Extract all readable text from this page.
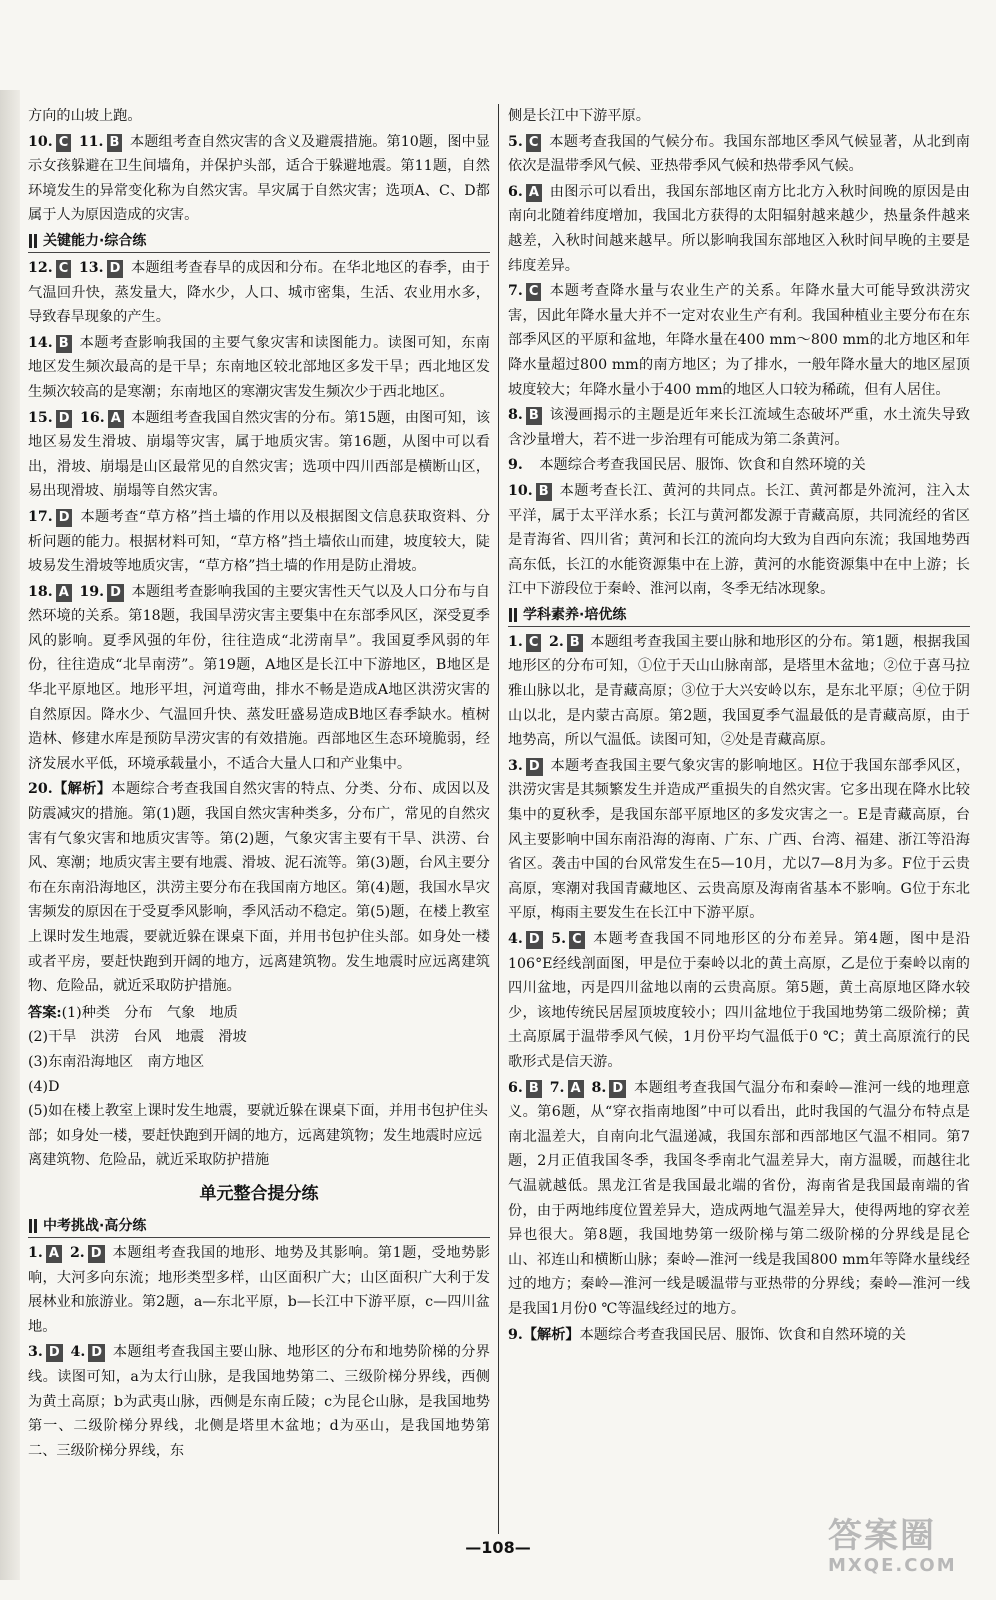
方向的山坡上跑。

10. C 11. B 本题组考查自然灾害的含义及避震措施。第10题，图中显示女孩躲避在卫生间墙角，并保护头部，适合于躲避地震。第11题，自然环境发生的异常变化称为自然灾害。旱灾属于自然灾害；选项A、C、D都属于人为原因造成的灾害。

关键能力·综合练

12. C 13. D 本题组考查春旱的成因和分布。在华北地区的春季，由于气温回升快，蒸发量大，降水少，人口、城市密集，生活、农业用水多，导致春旱现象的产生。

14. B 本题考查影响我国的主要气象灾害和读图能力。读图可知，东南地区发生频次最高的是干旱；东南地区较北部地区多发干旱；西北地区发生频次较高的是寒潮；东南地区的寒潮灾害发生频次少于西北地区。

15. D 16. A 本题组考查我国自然灾害的分布。第15题，由图可知，该地区易发生滑坡、崩塌等灾害，属于地质灾害。第16题，从图中可以看出，滑坡、崩塌是山区最常见的自然灾害；选项中四川西部是横断山区，易出现滑坡、崩塌等自然灾害。

17. D 本题考查“草方格”挡土墙的作用以及根据图文信息获取资料、分析问题的能力。根据材料可知，“草方格”挡土墙依山而建，坡度较大，陡坡易发生滑坡等地质灾害，“草方格”挡土墙的作用是防止滑坡。

18. A 19. D 本题组考查影响我国的主要灾害性天气以及人口分布与自然环境的关系。第18题，我国旱涝灾害主要集中在东部季风区，深受夏季风的影响。夏季风强的年份，往往造成“北涝南旱”。我国夏季风弱的年份，往往造成“北旱南涝”。第19题，A地区是长江中下游地区，B地区是华北平原地区。地形平坦，河道弯曲，排水不畅是造成A地区洪涝灾害的自然原因。降水少、气温回升快、蒸发旺盛易造成B地区春季缺水。植树造林、修建水库是预防旱涝灾害的有效措施。西部地区生态环境脆弱，经济发展水平低，环境承载量小，不适合大量人口和产业集中。

20.【解析】本题综合考查我国自然灾害的特点、分类、分布、成因以及防震减灾的措施。第(1)题，我国自然灾害种类多，分布广，常见的自然灾害有气象灾害和地质灾害等。第(2)题，气象灾害主要有干旱、洪涝、台风、寒潮；地质灾害主要有地震、滑坡、泥石流等。第(3)题，台风主要分布在东南沿海地区，洪涝主要分布在我国南方地区。第(4)题，我国水旱灾害频发的原因在于受夏季风影响，季风活动不稳定。第(5)题，在楼上教室上课时发生地震，要就近躲在课桌下面，并用书包护住头部。如身处一楼或者平房，要赶快跑到开阔的地方，远离建筑物。发生地震时应远离建筑物、危险品，就近采取防护措施。

答案:(1)种类　分布　气象　地质
(2)干旱　洪涝　台风　地震　滑坡
(3)东南沿海地区　南方地区
(4)D
(5)如在楼上教室上课时发生地震，要就近躲在课桌下面，并用书包护住头部；如身处一楼，要赶快跑到开阔的地方，远离建筑物；发生地震时应远离建筑物、危险品，就近采取防护措施
单元整合提分练
中考挑战·高分练

1. A 2. D 本题组考查我国的地形、地势及其影响。第1题，受地势影响，大河多向东流；地形类型多样，山区面积广大；山区面积广大利于发展林业和旅游业。第2题，a—东北平原，b—长江中下游平原，c—四川盆地。

3. D 4. D 本题组考查我国主要山脉、地形区的分布和地势阶梯的分界线。读图可知，a为太行山脉，是我国地势第二、三级阶梯分界线，西侧为黄土高原；b为武夷山脉，西侧是东南丘陵；c为昆仑山脉，是我国地势第一、二级阶梯分界线，北侧是塔里木盆地；d为巫山，是我国地势第二、三级阶梯分界线，东

侧是长江中下游平原。

5. C 本题考查我国的气候分布。我国东部地区季风气候显著，从北到南依次是温带季风气候、亚热带季风气候和热带季风气候。

6. A 由图示可以看出，我国东部地区南方比北方入秋时间晚的原因是由南向北随着纬度增加，我国北方获得的太阳辐射越来越少，热量条件越来越差，入秋时间越来越早。所以影响我国东部地区入秋时间早晚的主要是纬度差异。

7. C 本题考查降水量与农业生产的关系。年降水量大可能导致洪涝灾害，因此年降水量大并不一定对农业生产有利。我国种植业主要分布在东部季风区的平原和盆地，年降水量在400 mm～800 mm的北方地区和年降水量超过800 mm的南方地区；为了排水，一般年降水量大的地区屋顶坡度较大；年降水量小于400 mm的地区人口较为稀疏，但有人居住。

8. B 该漫画揭示的主题是近年来长江流域生态破坏严重，水土流失导致含沙量增大，若不进一步治理有可能成为第二条黄河。

9. 本题综合考查我国民居、服饰、饮食和自然环境的关

10. B 本题考查长江、黄河的共同点。长江、黄河都是外流河，注入太平洋，属于太平洋水系；长江与黄河都发源于青藏高原，共同流经的省区是青海省、四川省；黄河和长江的流向均大致为自西向东流；我国地势西高东低，长江的水能资源集中在上游，黄河的水能资源集中在中上游；长江中下游段位于秦岭、淮河以南，冬季无结冰现象。

学科素养·培优练

1. C 2. B 本题组考查我国主要山脉和地形区的分布。第1题，根据我国地形区的分布可知，①位于天山山脉南部，是塔里木盆地；②位于喜马拉雅山脉以北，是青藏高原；③位于大兴安岭以东，是东北平原；④位于阴山以北，是内蒙古高原。第2题，我国夏季气温最低的是青藏高原，由于地势高，所以气温低。读图可知，②处是青藏高原。

3. D 本题考查我国主要气象灾害的影响地区。H位于我国东部季风区，洪涝灾害是其频繁发生并造成严重损失的自然灾害。它多出现在降水比较集中的夏秋季，是我国东部平原地区的多发灾害之一。E是青藏高原，台风主要影响中国东南沿海的海南、广东、广西、台湾、福建、浙江等沿海省区。袭击中国的台风常发生在5—10月，尤以7—8月为多。F位于云贵高原，寒潮对我国青藏地区、云贵高原及海南省基本不影响。G位于东北平原，梅雨主要发生在长江中下游平原。

4. D 5. C 本题考查我国不同地形区的分布差异。第4题，图中是沿106°E经线剖面图，甲是位于秦岭以北的黄土高原，乙是位于秦岭以南的四川盆地，丙是四川盆地以南的云贵高原。第5题，黄土高原地区降水较少，该地传统民居屋顶坡度较小；四川盆地位于我国地势第二级阶梯；黄土高原属于温带季风气候，1月份平均气温低于0 ℃；黄土高原流行的民歌形式是信天游。

6. B 7. A 8. D 本题组考查我国气温分布和秦岭—淮河一线的地理意义。第6题，从“穿衣指南地图”中可以看出，此时我国的气温分布特点是南北温差大，自南向北气温递减，我国东部和西部地区气温不相同。第7题，2月正值我国冬季，我国冬季南北气温差异大，南方温暖，而越往北气温就越低。黑龙江省是我国最北端的省份，海南省是我国最南端的省份，由于两地纬度位置差异大，造成两地气温差异大，使得两地的穿衣差异也很大。第8题，我国地势第一级阶梯与第二级阶梯的分界线是昆仑山、祁连山和横断山脉；秦岭—淮河一线是我国800 mm年等降水量线经过的地方；秦岭—淮河一线是暖温带与亚热带的分界线；秦岭—淮河一线是我国1月份0 ℃等温线经过的地方。

9.【解析】本题综合考查我国民居、服饰、饮食和自然环境的关

—108—	答案圈
MXQE.COM
